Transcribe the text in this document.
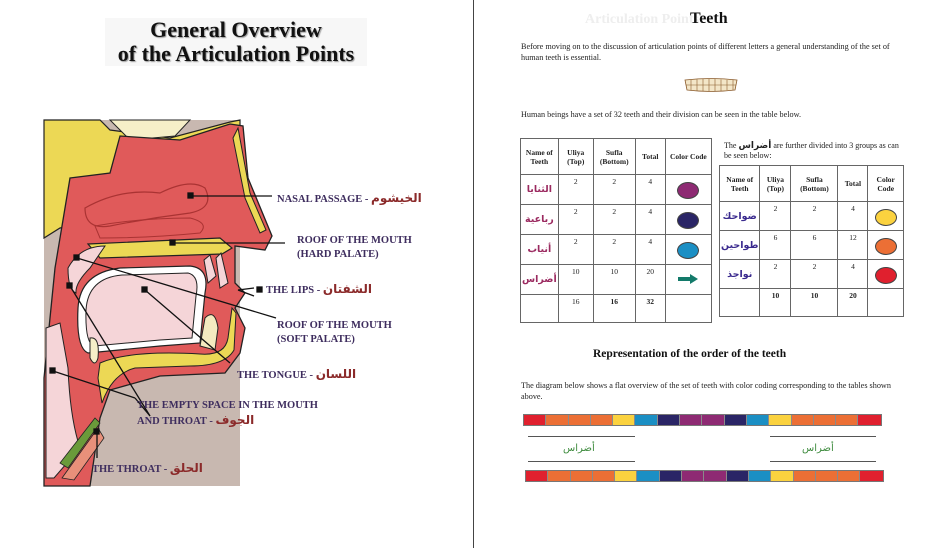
General Overview
of the Articulation Points
NASAL PASSAGE - الخيشوم
ROOF OF THE MOUTH
(HARD PALATE)
THE LIPS - الشفتان
ROOF OF THE MOUTH
(SOFT PALATE)
THE TONGUE - اللسان
THE EMPTY SPACE IN THE MOUTH
AND THROAT - الجوف
THE THROAT - الحلق
Articulation Points
Teeth
Before moving on to the discussion of articulation points of different letters a general understanding of the set of human teeth is essential.
Human beings have a set of 32 teeth and their division can be seen in the table below.
Name of Teeth	Uliya (Top)	Sufla (Bottom)	Total	Color Code
الثنايا	2	2	4	
رباعية	2	2	4	
أنياب	2	2	4	
أضراس	10	10	20	

	16	16	32	
The أضراس are further divided into 3 groups as can be seen below:
Name of Teeth	Uliya (Top)	Sufla (Bottom)	Total	Color Code
ضواحك	2	2	4	
طواحين	6	6	12	
نواجذ	2	2	4	
	10	10	20	
Representation of the order of the teeth
The diagram below shows a flat overview of the set of teeth with color coding corresponding to the tables shown above.
أضراس	أضراس
